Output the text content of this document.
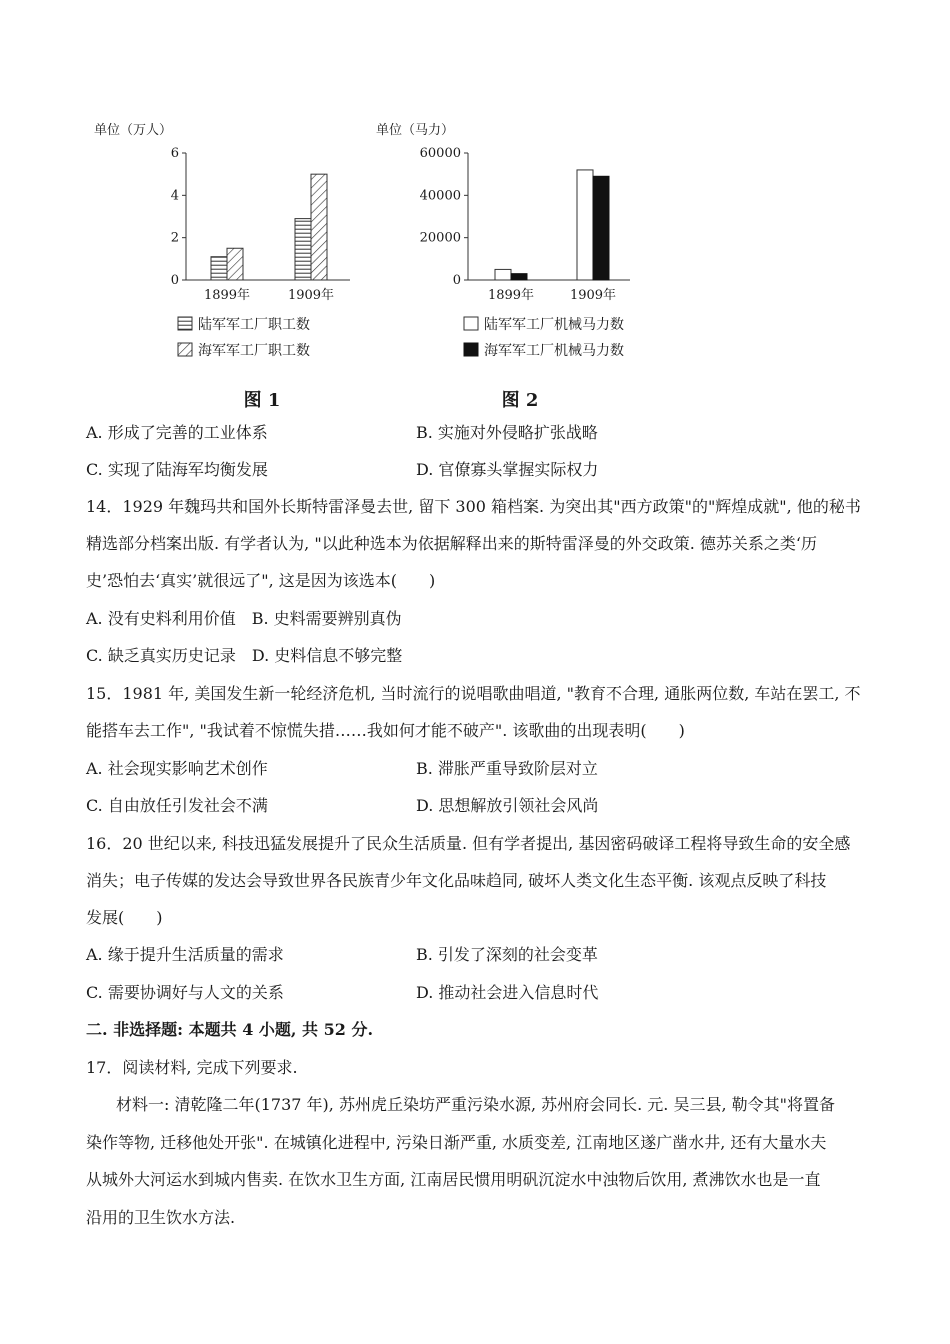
单位（万人）
6
4
2
0
1899年	1909年
陆军军工厂职工数
海军军工厂职工数
图 1
单位（马力）
60000
40000
20000
0
1899年	1909年
陆军军工厂机械马力数
海军军工厂机械马力数
图 2
A. 形成了完善的工业体系	B. 实施对外侵略扩张战略
C. 实现了陆海军均衡发展	D. 官僚寡头掌握实际权力
14．1929 年魏玛共和国外长斯特雷泽曼去世, 留下 300 箱档案. 为突出其"西方政策"的"辉煌成就", 他的秘书
精选部分档案出版. 有学者认为, "以此种选本为依据解释出来的斯特雷泽曼的外交政策. 德苏关系之类‘历
史’恐怕去‘真实’就很远了", 这是因为该选本(　　)
A. 没有史料利用价值　B. 史料需要辨别真伪
C. 缺乏真实历史记录　D. 史料信息不够完整
15．1981 年, 美国发生新一轮经济危机, 当时流行的说唱歌曲唱道, "教育不合理, 通胀两位数, 车站在罢工, 不
能搭车去工作", "我试着不惊慌失措……我如何才能不破产". 该歌曲的出现表明(　　)
A. 社会现实影响艺术创作	B. 滞胀严重导致阶层对立
C. 自由放任引发社会不满	D. 思想解放引领社会风尚
16．20 世纪以来, 科技迅猛发展提升了民众生活质量. 但有学者提出, 基因密码破译工程将导致生命的安全感
消失；电子传媒的发达会导致世界各民族青少年文化品味趋同, 破坏人类文化生态平衡. 该观点反映了科技
发展(　　)
A. 缘于提升生活质量的需求	B. 引发了深刻的社会变革
C. 需要协调好与人文的关系	D. 推动社会进入信息时代
二. 非选择题: 本题共 4 小题, 共 52 分.
17．阅读材料, 完成下列要求.
材料一: 清乾隆二年(1737 年), 苏州虎丘染坊严重污染水源, 苏州府会同长. 元. 吴三县, 勒令其"将置备
染作等物, 迁移他处开张". 在城镇化进程中, 污染日渐严重, 水质变差, 江南地区遂广凿水井, 还有大量水夫
从城外大河运水到城内售卖. 在饮水卫生方面, 江南居民惯用明矾沉淀水中浊物后饮用, 煮沸饮水也是一直
沿用的卫生饮水方法.
